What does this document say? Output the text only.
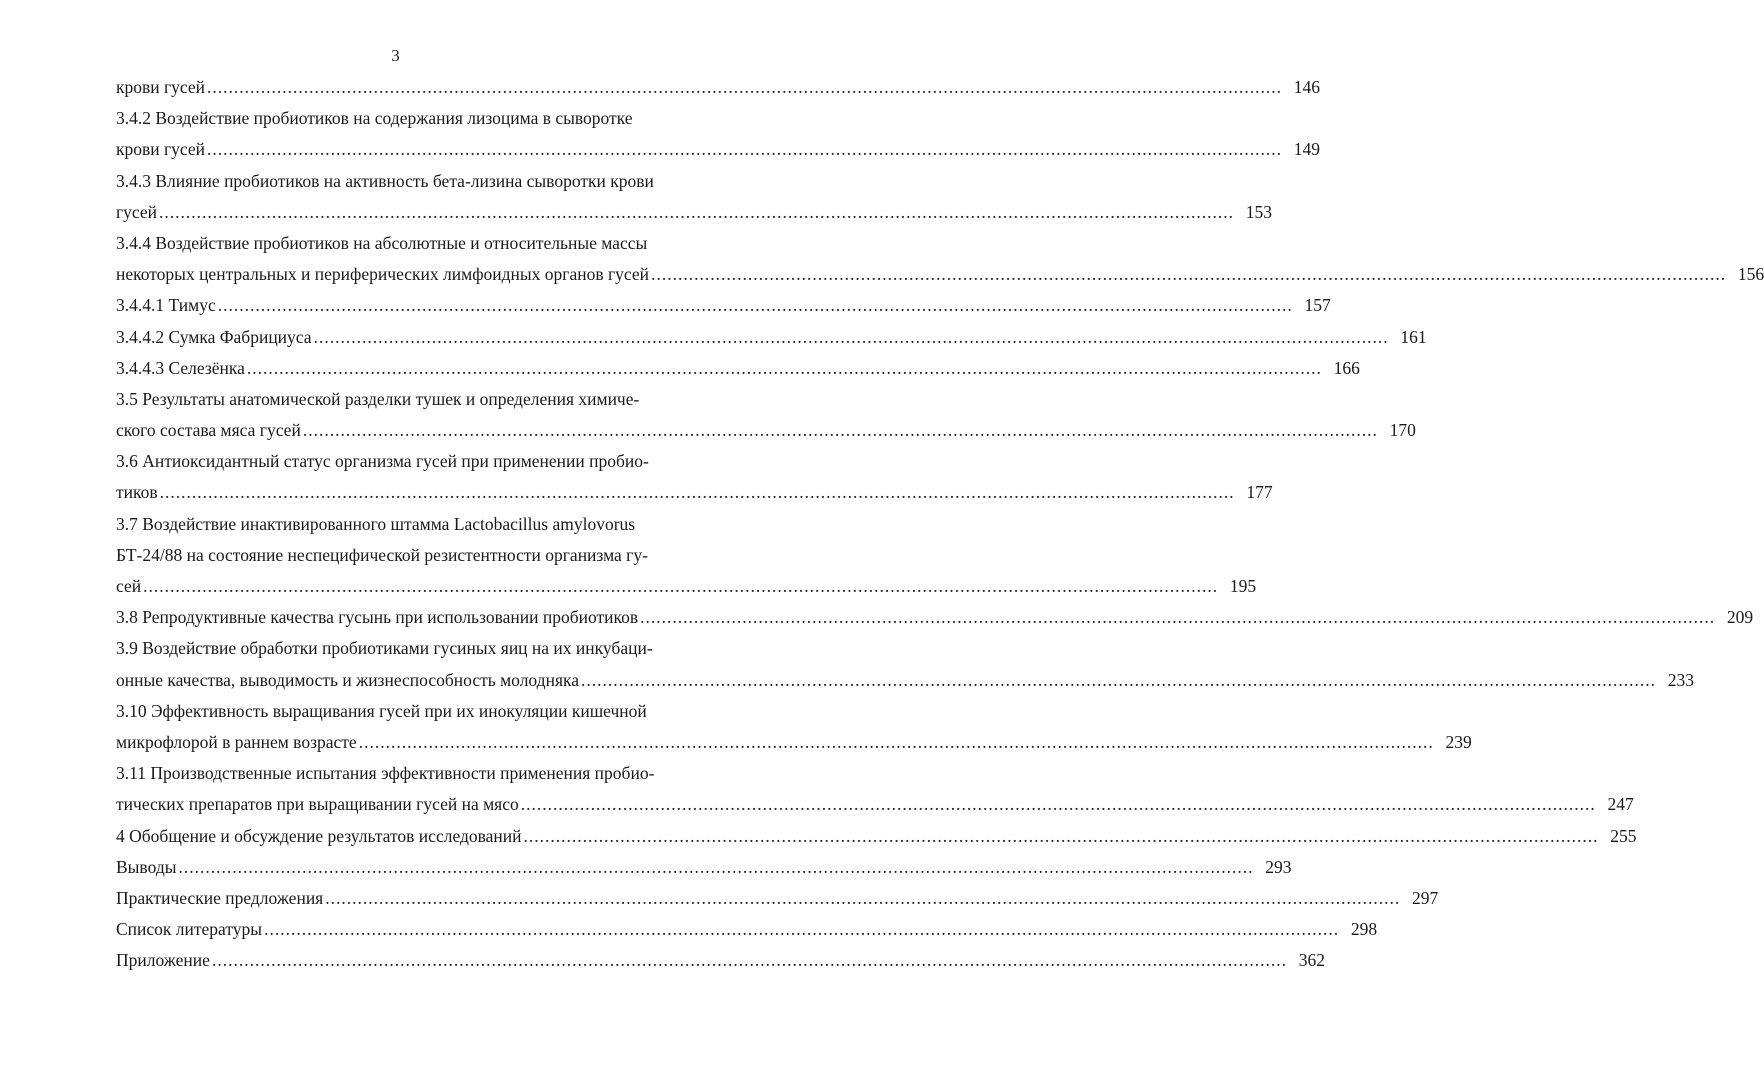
3
крови гусей ........................................................................................................................................................................................................ 146
3.4.2 Воздействие пробиотиков на содержания лизоцима в сыворотке
крови гусей ........................................................................................................................................................................................................ 149
3.4.3 Влияние пробиотиков на активность бета-лизина сыворотки крови
гусей ........................................................................................................................................................................................................ 153
3.4.4 Воздействие пробиотиков на абсолютные и относительные массы
некоторых центральных и периферических лимфоидных органов гусей ........................................................................................................................................................................................................ 156
3.4.4.1 Тимус ........................................................................................................................................................................................................ 157
3.4.4.2 Сумка Фабрициуса ........................................................................................................................................................................................................ 161
3.4.4.3 Селезёнка ........................................................................................................................................................................................................ 166
3.5 Результаты анатомической разделки тушек и определения химиче-
ского состава мяса гусей ........................................................................................................................................................................................................ 170
3.6 Антиоксидантный статус организма гусей при применении пробио-
тиков ........................................................................................................................................................................................................ 177
3.7 Воздействие инактивированного штамма Lactobacillus amylovorus
БТ-24/88 на состояние неспецифической резистентности организма гу-
сей ........................................................................................................................................................................................................ 195
3.8 Репродуктивные качества гусынь при использовании пробиотиков ........................................................................................................................................................................................................ 209
3.9 Воздействие обработки пробиотиками гусиных яиц на их инкубаци-
онные качества, выводимость и жизнеспособность молодняка ........................................................................................................................................................................................................ 233
3.10 Эффективность выращивания гусей при их инокуляции кишечной
микрофлорой в раннем возрасте ........................................................................................................................................................................................................ 239
3.11 Производственные испытания эффективности применения пробио-
тических препаратов при выращивании гусей на мясо ........................................................................................................................................................................................................ 247
4 Обобщение и обсуждение результатов исследований ........................................................................................................................................................................................................ 255
Выводы ........................................................................................................................................................................................................ 293
Практические предложения ........................................................................................................................................................................................................ 297
Список литературы ........................................................................................................................................................................................................ 298
Приложение ........................................................................................................................................................................................................ 362
